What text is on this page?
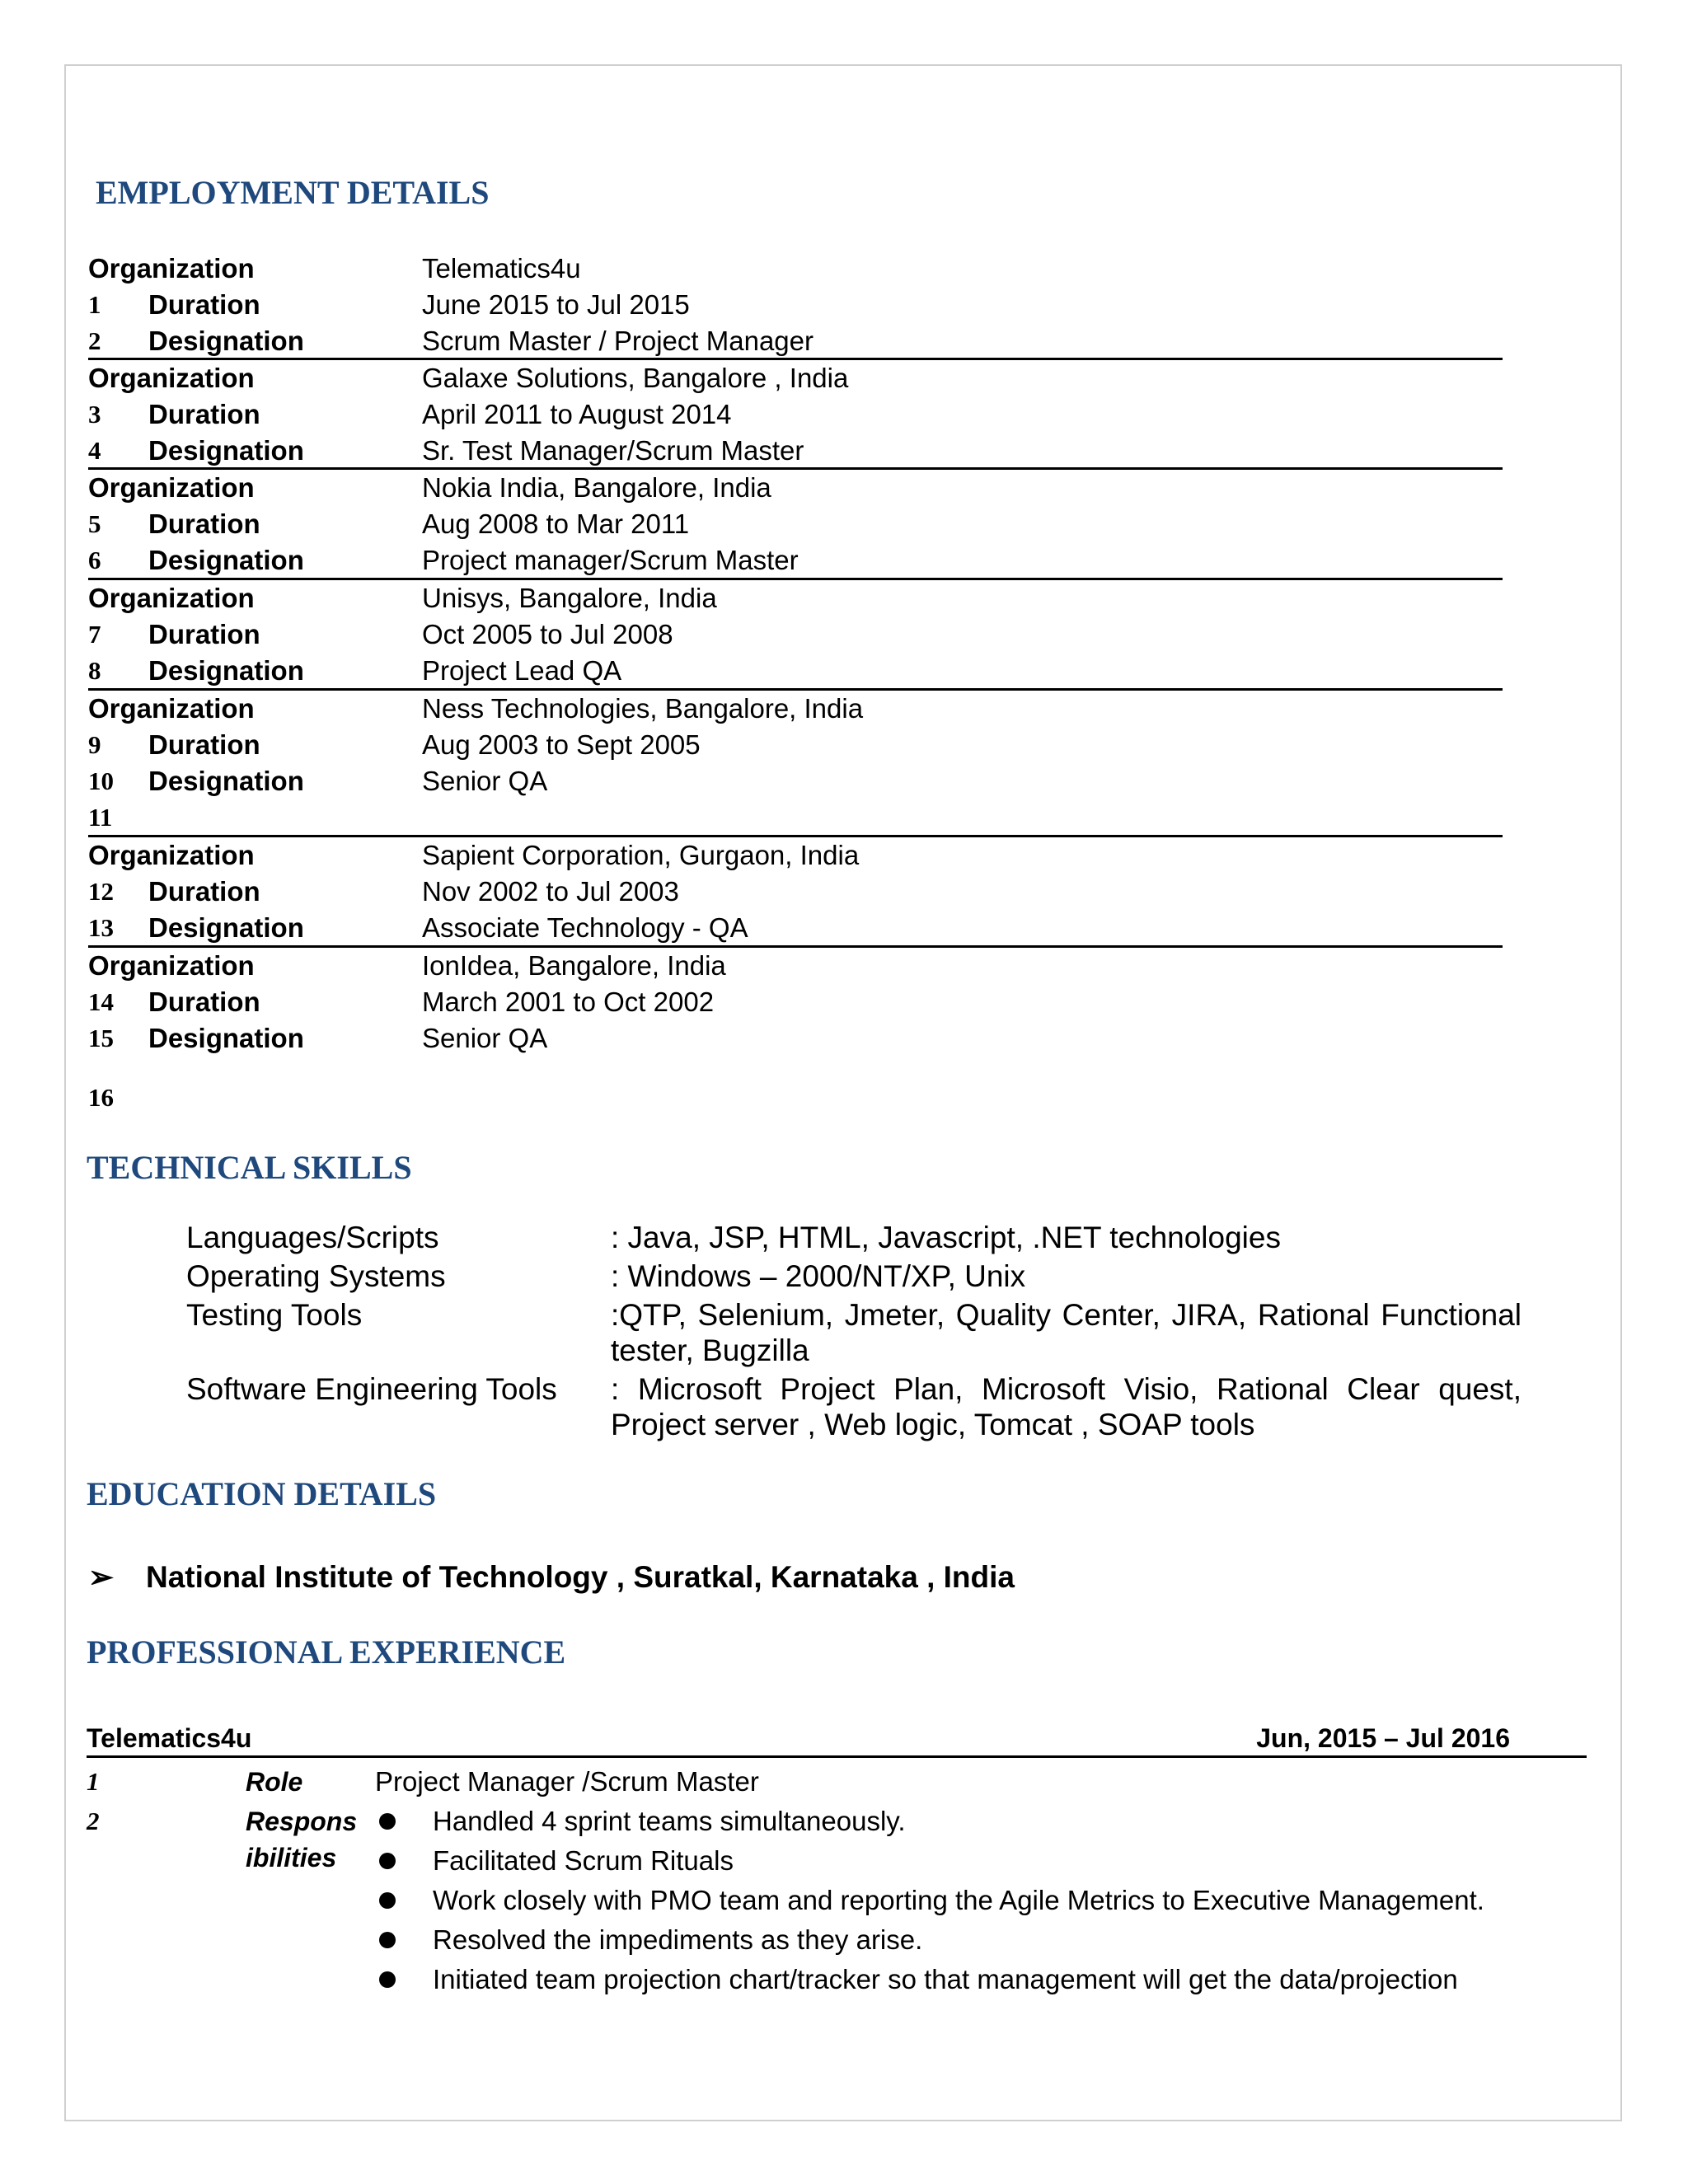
EMPLOYMENT DETAILS
Organization	Telematics4u
1 Duration	June 2015 to Jul 2015
2 Designation	Scrum Master / Project Manager
Organization	Galaxe Solutions, Bangalore , India
3 Duration	April 2011 to August 2014
4 Designation	Sr. Test Manager/Scrum Master
Organization	Nokia India, Bangalore, India
5 Duration	Aug 2008 to Mar 2011
6 Designation	Project manager/Scrum Master
Organization	Unisys, Bangalore, India
7 Duration	Oct 2005 to Jul 2008
8 Designation	Project Lead QA
Organization	Ness Technologies, Bangalore, India
9 Duration	Aug 2003 to Sept 2005
10 Designation	Senior QA
11
Organization	Sapient Corporation, Gurgaon, India
12 Duration	Nov 2002 to Jul 2003
13 Designation	Associate Technology - QA
Organization	IonIdea, Bangalore, India
14 Duration	March 2001 to Oct 2002
15 Designation	Senior QA
16
TECHNICAL SKILLS
Languages/Scripts	: Java, JSP, HTML, Javascript, .NET technologies
Operating Systems	: Windows – 2000/NT/XP, Unix
Testing Tools	:QTP, Selenium, Jmeter, Quality Center, JIRA, Rational Functional tester, Bugzilla
Software Engineering Tools : Microsoft Project Plan, Microsoft Visio, Rational Clear quest, Project server , Web logic, Tomcat , SOAP tools
EDUCATION DETAILS
➢ National Institute of Technology , Suratkal, Karnataka , India
PROFESSIONAL EXPERIENCE
Telematics4u	Jun, 2015 – Jul 2016
1	Role	Project Manager /Scrum Master
2	Respons
ibilities
Handled 4 sprint teams simultaneously.
Facilitated Scrum Rituals
Work closely with PMO team and reporting the Agile Metrics to Executive Management.
Resolved the impediments as they arise.
Initiated team projection chart/tracker so that management will get the data/projection
